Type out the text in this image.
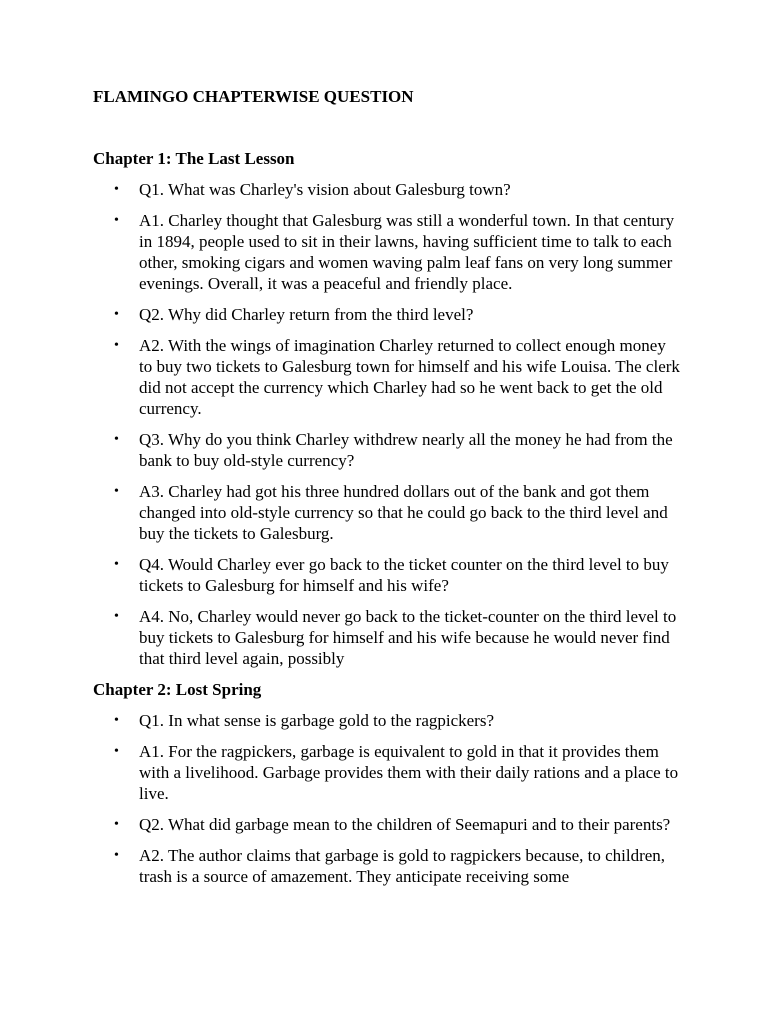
FLAMINGO CHAPTERWISE QUESTION
Chapter 1: The Last Lesson
• Q1. What was Charley's vision about Galesburg town?
• A1. Charley thought that Galesburg was still a wonderful town. In that century in 1894, people used to sit in their lawns, having sufficient time to talk to each other, smoking cigars and women waving palm leaf fans on very long summer evenings. Overall, it was a peaceful and friendly place.
• Q2. Why did Charley return from the third level?
• A2. With the wings of imagination Charley returned to collect enough money to buy two tickets to Galesburg town for himself and his wife Louisa. The clerk did not accept the currency which Charley had so he went back to get the old currency.
• Q3. Why do you think Charley withdrew nearly all the money he had from the bank to buy old-style currency?
• A3. Charley had got his three hundred dollars out of the bank and got them changed into old-style currency so that he could go back to the third level and buy the tickets to Galesburg.
• Q4. Would Charley ever go back to the ticket counter on the third level to buy tickets to Galesburg for himself and his wife?
• A4. No, Charley would never go back to the ticket-counter on the third level to buy tickets to Galesburg for himself and his wife because he would never find that third level again, possibly
Chapter 2: Lost Spring
• Q1. In what sense is garbage gold to the ragpickers?
• A1. For the ragpickers, garbage is equivalent to gold in that it provides them with a livelihood. Garbage provides them with their daily rations and a place to live.
• Q2. What did garbage mean to the children of Seemapuri and to their parents?
• A2. The author claims that garbage is gold to ragpickers because, to children, trash is a source of amazement. They anticipate receiving some
